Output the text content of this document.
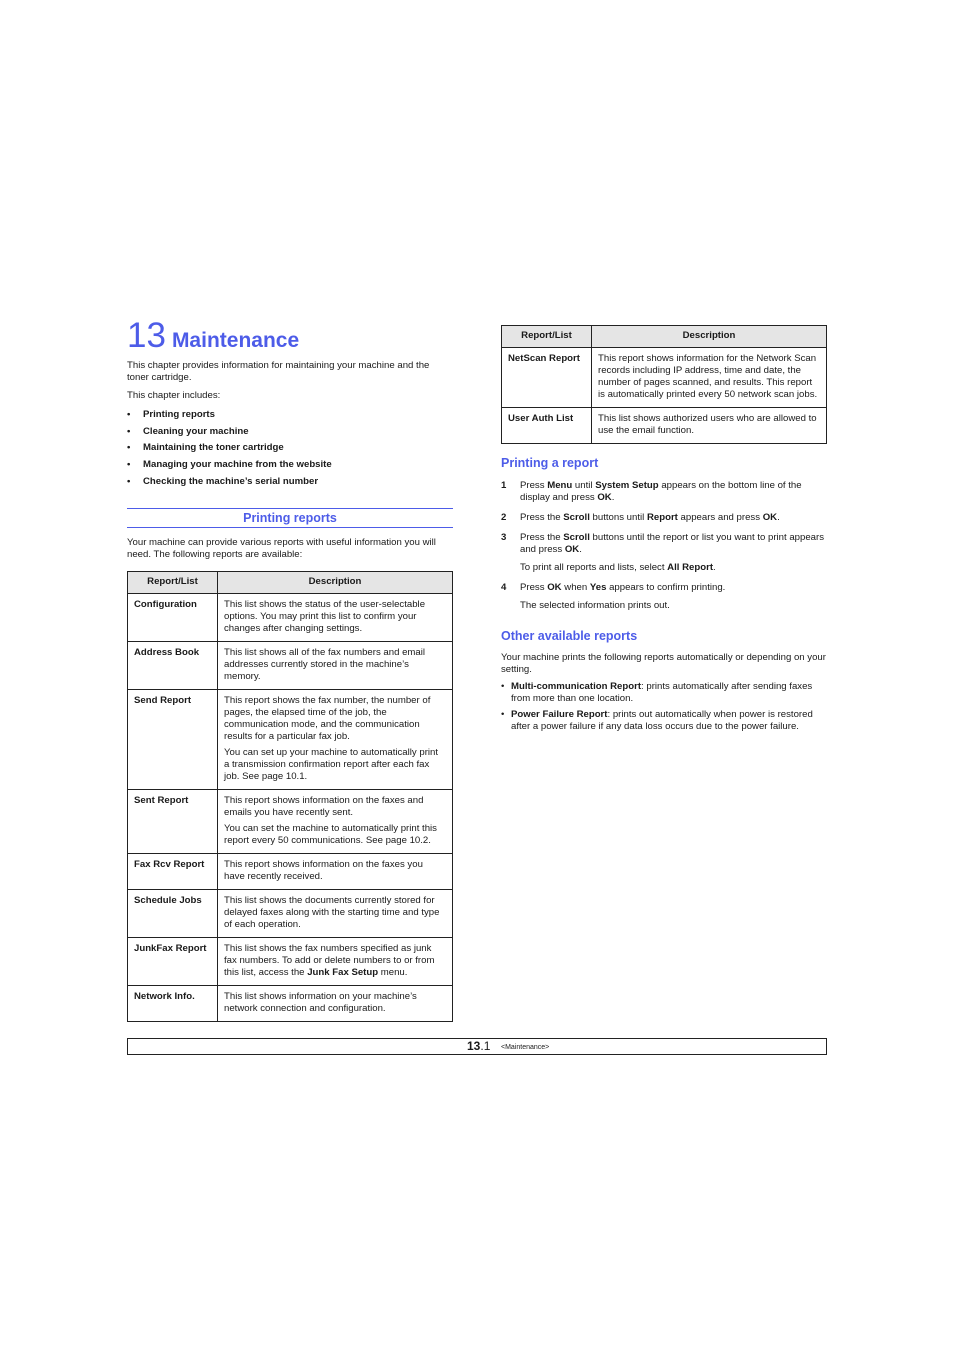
13 Maintenance

This chapter provides information for maintaining your machine and the toner cartridge.

This chapter includes:

• Printing reports
• Cleaning your machine
• Maintaining the toner cartridge
• Managing your machine from the website
• Checking the machine’s serial number
Printing reports

Your machine can provide various reports with useful information you will need. The following reports are available:

Report/List	Description
Configuration	This list shows the status of the user-selectable options. You may print this list to confirm your changes after changing settings.

Address Book	This list shows all of the fax numbers and email addresses currently stored in the machine’s memory.

Send Report	This report shows the fax number, the number of pages, the elapsed time of the job, the communication mode, and the communication results for a particular fax job.

You can set up your machine to automatically print a transmission confirmation report after each fax job. See page 10.1.

Sent Report	This report shows information on the faxes and emails you have recently sent.

You can set the machine to automatically print this report every 50 communications. See page 10.2.

Fax Rcv Report	This report shows information on the faxes you have recently received.

Schedule Jobs	This list shows the documents currently stored for delayed faxes along with the starting time and type of each operation.

JunkFax Report	This list shows the fax numbers specified as junk fax numbers. To add or delete numbers to or from this list, access the Junk Fax Setup menu.

Network Info.	This list shows information on your machine’s network connection and configuration.

Report/List	Description
NetScan Report	This report shows information for the Network Scan records including IP address, time and date, the number of pages scanned, and results. This report is automatically printed every 50 network scan jobs.

User Auth List	This list shows authorized users who are allowed to use the email function.

Printing a report
1 Press Menu until System Setup appears on the bottom line of the display and press OK.

2 Press the Scroll buttons until Report appears and press OK.

3 Press the Scroll buttons until the report or list you want to print appears and press OK.

To print all reports and lists, select All Report.

4 Press OK when Yes appears to confirm printing.

The selected information prints out.

Other available reports

Your machine prints the following reports automatically or depending on your setting.

• Multi-communication Report: prints automatically after sending faxes from more than one location.
• Power Failure Report: prints out automatically when power is restored after a power failure if any data loss occurs due to the power failure.
13.1 <Maintenance>
